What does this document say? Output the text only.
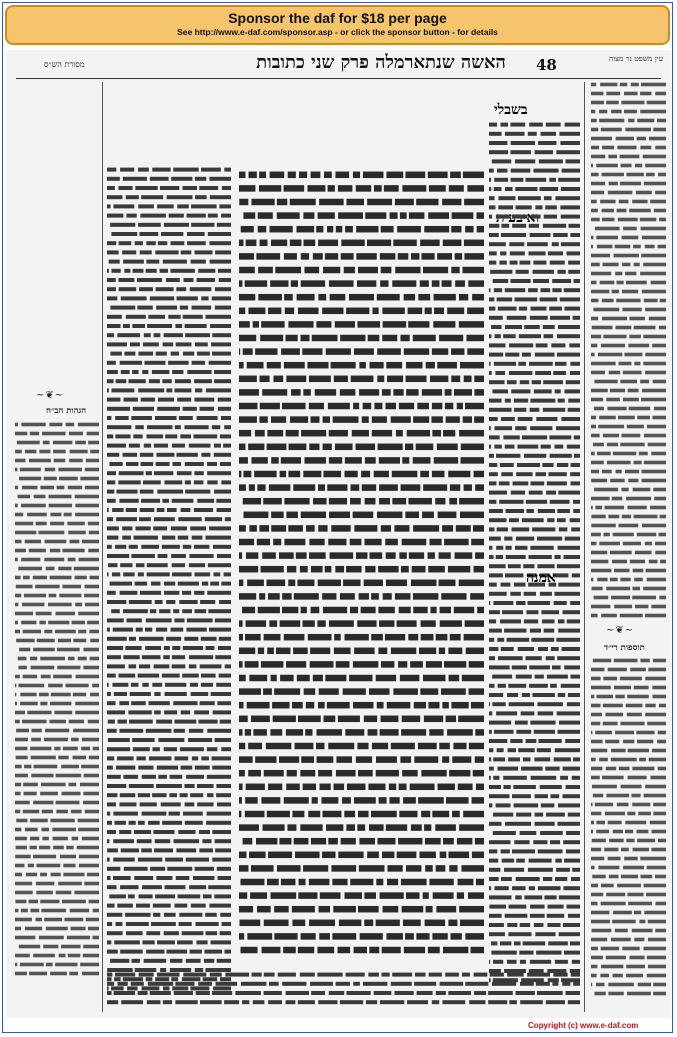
Sponsor the daf for $18 per page
See http://www.e-daf.com/sponsor.asp - or click the sponsor button - for details
מסורת הש״ס	האשה שנתארמלה פרק שני כתובות	48	עין משפט נר מצוה
בשבלי
אמנה
~❦~
הגהות הב״ח
~❦~
תוספות רי״ד
Copyright (c) www.e-daf.com
